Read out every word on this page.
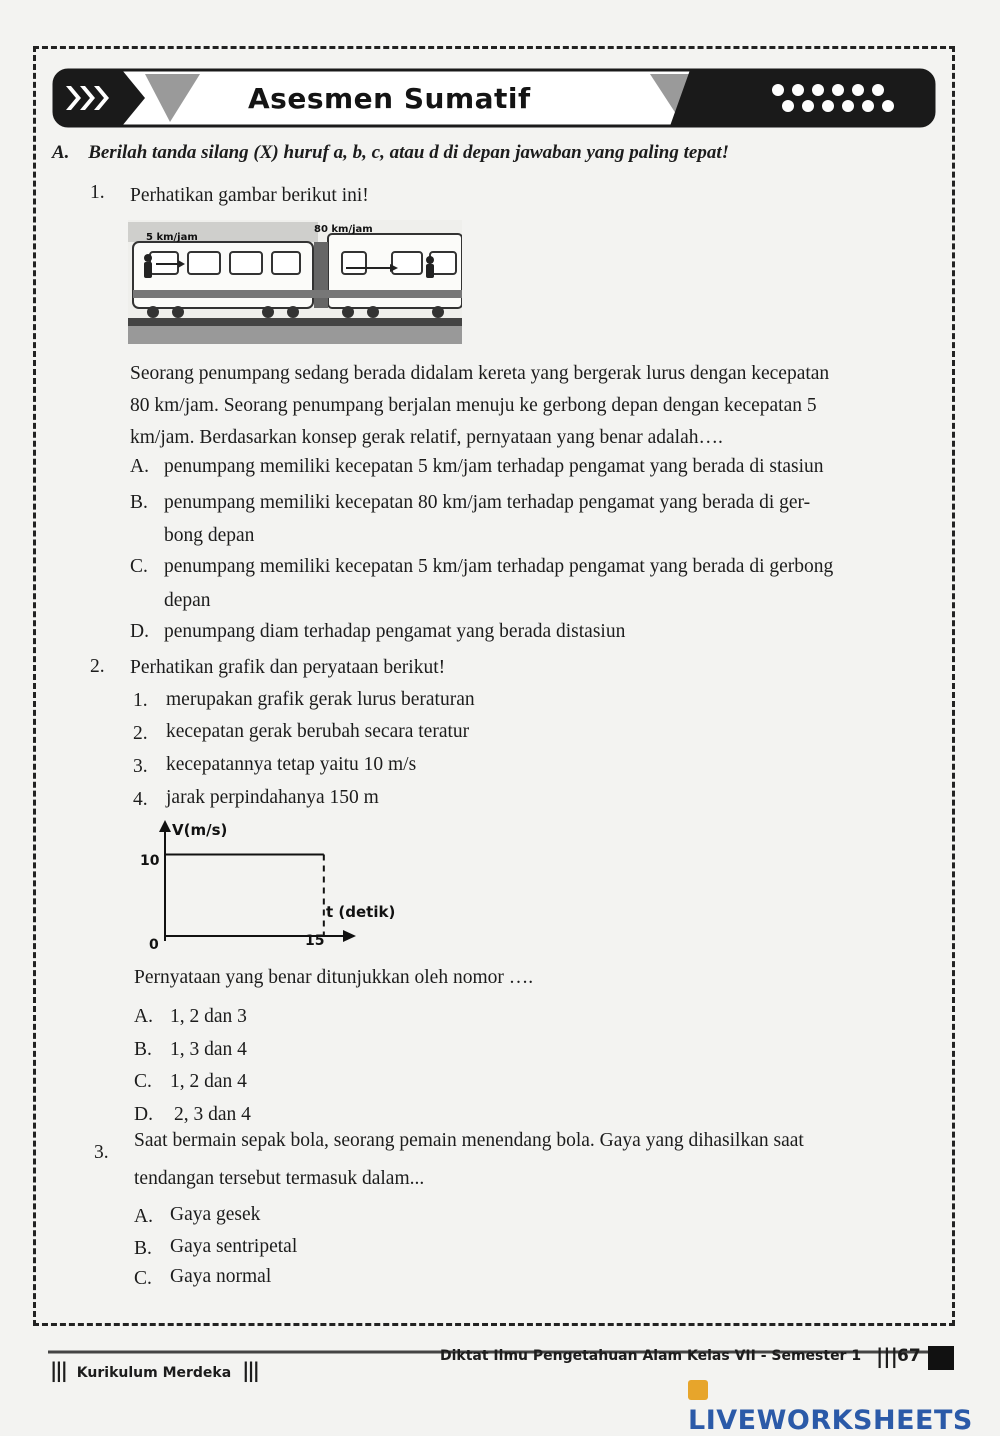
Asesmen Sumatif
A. Berilah tanda silang (X) huruf a, b, c, atau d di depan jawaban yang paling tepat!
1. Perhatikan gambar berikut ini!
5 km/jam
80 km/jam
Seorang penumpang sedang berada didalam kereta yang bergerak lurus dengan kecepatan
80 km/jam. Seorang penumpang berjalan menuju ke gerbong depan dengan kecepatan 5
km/jam. Berdasarkan konsep gerak relatif, pernyataan yang benar adalah….
A. penumpang memiliki kecepatan 5 km/jam terhadap pengamat yang berada di stasiun
B. penumpang memiliki kecepatan 80 km/jam terhadap pengamat yang berada di ger-
bong depan
C. penumpang memiliki kecepatan 5 km/jam terhadap pengamat yang berada di gerbong
depan
D. penumpang diam terhadap pengamat yang berada distasiun
2. Perhatikan grafik dan peryataan berikut!
1. merupakan grafik gerak lurus beraturan
2. kecepatan gerak berubah secara teratur
3. kecepatannya tetap yaitu 10 m/s
4. jarak perpindahanya 150 m
V(m/s)
t (detik)
10
0	15
Pernyataan yang benar ditunjukkan oleh nomor ….
A. 1, 2 dan 3
B. 1, 3 dan 4
C. 1, 2 dan 4
D. 2, 3 dan 4
3.
Saat bermain sepak bola, seorang pemain menendang bola. Gaya yang dihasilkan saat
tendangan tersebut termasuk dalam...
A. Gaya gesek
B. Gaya sentripetal
C. Gaya normal
||| Kurikulum Merdeka |||
Diktat Ilmu Pengetahuan Alam Kelas VII - Semester 1 ||| 67
LIVEWORKSHEETS
